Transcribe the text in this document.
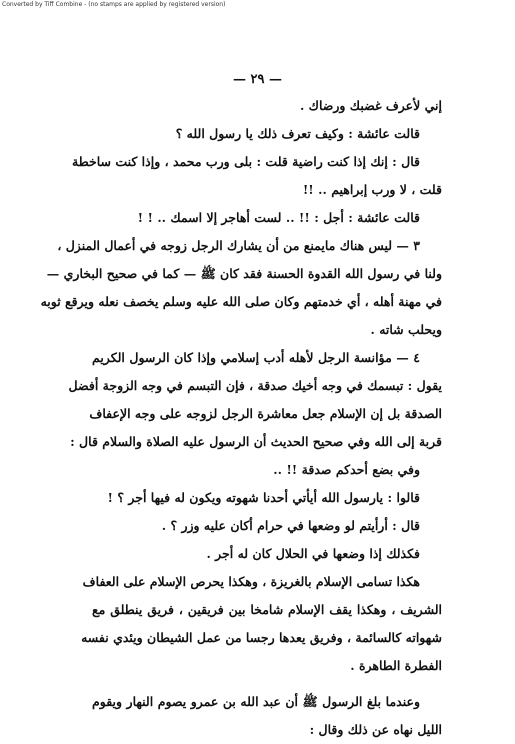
Converted by Tiff Combine - (no stamps are applied by registered version)
— ٢٩ —
إني لأعرف غضبك ورضاك .
قالت عائشة : وكيف تعرف ذلك يا رسول الله ؟
قال : إنك إذا كنت راضية قلت : بلى ورب محمد ، وإذا كنت ساخطة
قلت ، لا ورب إبراهيم .. !!
قالت عائشة : أجل : !! .. لست أهاجر إلا اسمك .. ! !
٣ — ليس هناك مايمنع من أن يشارك الرجل زوجه في أعمال المنزل ،
ولنا في رسول الله القدوة الحسنة فقد كان ﷺ — كما في صحيح البخاري —
في مهنة أهله ، أي خدمتهم وكان صلى الله عليه وسلم يخصف نعله ويرقع ثوبه
ويحلب شاته .
٤ — مؤانسة الرجل لأهله أدب إسلامي وإذا كان الرسول الكريم
يقول : تبسمك في وجه أخيك صدقة ، فإن التبسم في وجه الزوجة أفضل
الصدقة بل إن الإسلام جعل معاشرة الرجل لزوجه على وجه الإعفاف
قربة إلى الله وفي صحيح الحديث أن الرسول عليه الصلاة والسلام قال :
وفي بضع أحدكم صدقة !! ..
قالوا : يارسول الله أيأتي أحدنا شهوته ويكون له فيها أجر ؟ !
قال : أرأيتم لو وضعها في حرام أكان عليه وزر ؟ .
فكذلك إذا وضعها في الحلال كان له أجر .
هكذا تسامى الإسلام بالغريزة ، وهكذا يحرص الإسلام على العفاف
الشريف ، وهكذا يقف الإسلام شامخا بين فريقين ، فريق ينطلق مع
شهواته كالسائمة ، وفريق يعدها رجسا من عمل الشيطان ويئدي نفسه
الفطرة الطاهرة .
وعندما بلغ الرسول ﷺ أن عبد الله بن عمرو يصوم النهار ويقوم
الليل نهاه عن ذلك وقال :
